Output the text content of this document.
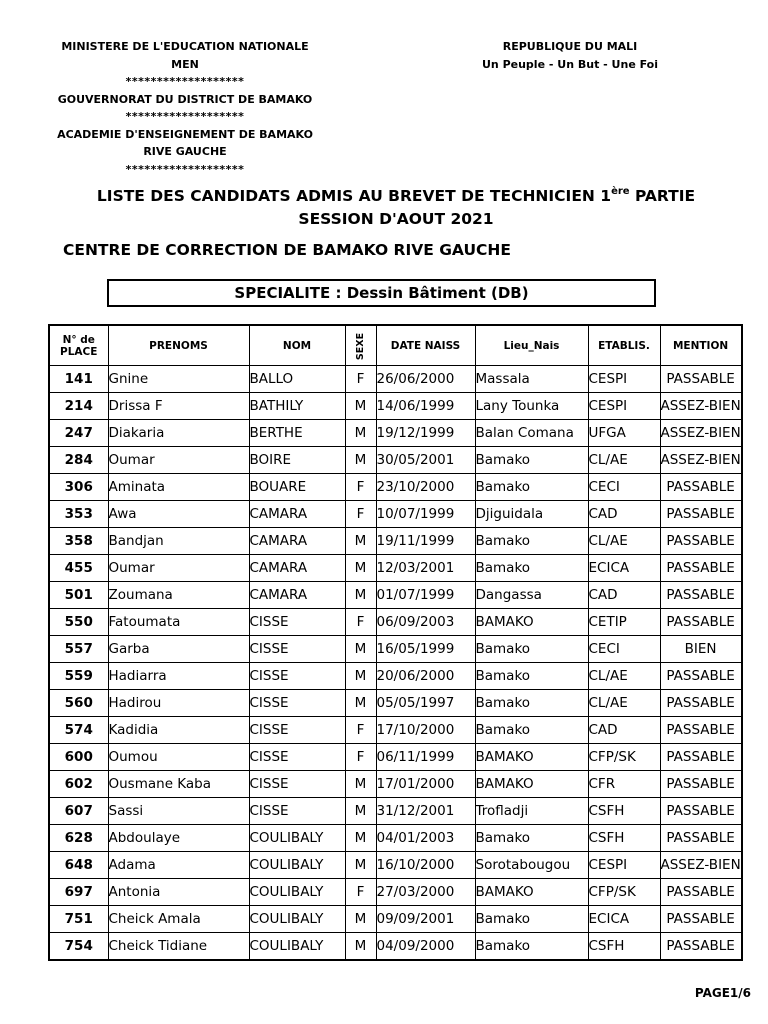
MINISTERE DE L'EDUCATION NATIONALE
MEN
*******************
GOUVERNORAT DU DISTRICT DE BAMAKO
*******************
ACADEMIE D'ENSEIGNEMENT DE BAMAKO
RIVE GAUCHE
*******************
REPUBLIQUE DU MALI
Un Peuple - Un But - Une Foi
LISTE DES CANDIDATS ADMIS AU BREVET DE TECHNICIEN 1ère PARTIE
SESSION D'AOUT 2021
CENTRE DE CORRECTION DE BAMAKO RIVE GAUCHE
SPECIALITE : Dessin Bâtiment (DB)
N° de
PLACE	PRENOMS	NOM	SEXE	DATE NAISS	Lieu_Nais	ETABLIS.	MENTION
141	Gnine	BALLO	F	26/06/2000	Massala	CESPI	PASSABLE
214	Drissa F	BATHILY	M	14/06/1999	Lany Tounka	CESPI	ASSEZ-BIEN
247	Diakaria	BERTHE	M	19/12/1999	Balan Comana	UFGA	ASSEZ-BIEN
284	Oumar	BOIRE	M	30/05/2001	Bamako	CL/AE	ASSEZ-BIEN
306	Aminata	BOUARE	F	23/10/2000	Bamako	CECI	PASSABLE
353	Awa	CAMARA	F	10/07/1999	Djiguidala	CAD	PASSABLE
358	Bandjan	CAMARA	M	19/11/1999	Bamako	CL/AE	PASSABLE
455	Oumar	CAMARA	M	12/03/2001	Bamako	ECICA	PASSABLE
501	Zoumana	CAMARA	M	01/07/1999	Dangassa	CAD	PASSABLE
550	Fatoumata	CISSE	F	06/09/2003	BAMAKO	CETIP	PASSABLE
557	Garba	CISSE	M	16/05/1999	Bamako	CECI	BIEN
559	Hadiarra	CISSE	M	20/06/2000	Bamako	CL/AE	PASSABLE
560	Hadirou	CISSE	M	05/05/1997	Bamako	CL/AE	PASSABLE
574	Kadidia	CISSE	F	17/10/2000	Bamako	CAD	PASSABLE
600	Oumou	CISSE	F	06/11/1999	BAMAKO	CFP/SK	PASSABLE
602	Ousmane Kaba	CISSE	M	17/01/2000	BAMAKO	CFR	PASSABLE
607	Sassi	CISSE	M	31/12/2001	Trofladji	CSFH	PASSABLE
628	Abdoulaye	COULIBALY	M	04/01/2003	Bamako	CSFH	PASSABLE
648	Adama	COULIBALY	M	16/10/2000	Sorotabougou	CESPI	ASSEZ-BIEN
697	Antonia	COULIBALY	F	27/03/2000	BAMAKO	CFP/SK	PASSABLE
751	Cheick Amala	COULIBALY	M	09/09/2001	Bamako	ECICA	PASSABLE
754	Cheick Tidiane	COULIBALY	M	04/09/2000	Bamako	CSFH	PASSABLE
PAGE1/6
